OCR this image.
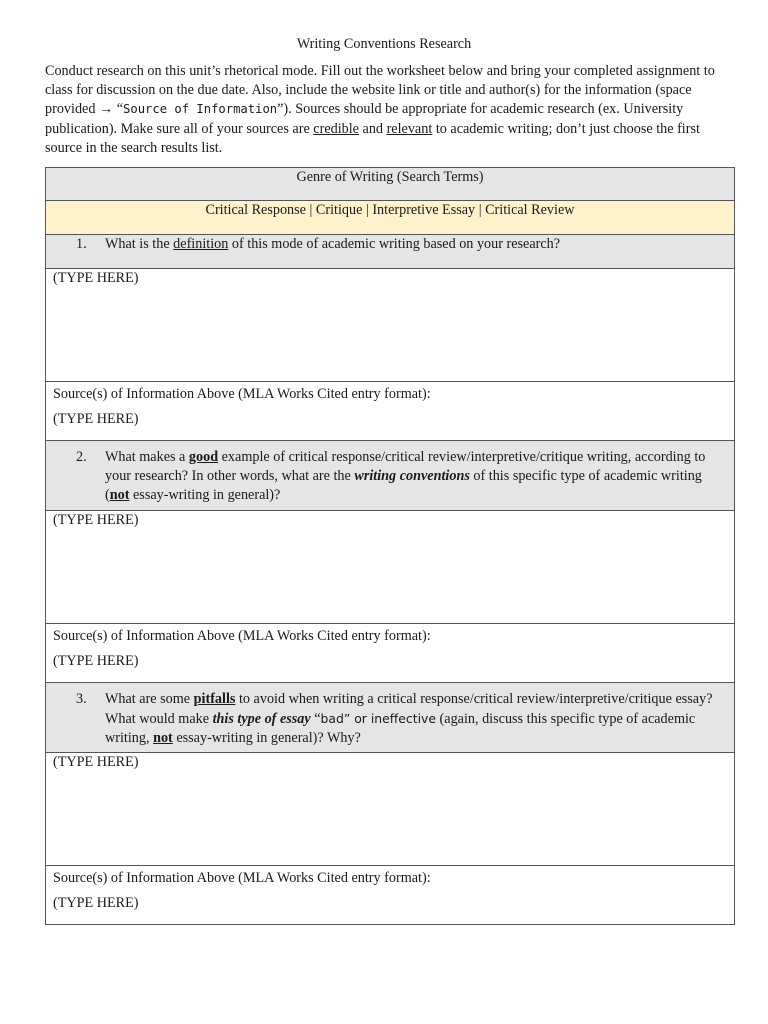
Writing Conventions Research
Conduct research on this unit’s rhetorical mode. Fill out the worksheet below and bring your completed assignment to class for discussion on the due date. Also, include the website link or title and author(s) for the information (space provided → “Source of Information”). Sources should be appropriate for academic research (ex. University publication). Make sure all of your sources are credible and relevant to academic writing; don’t just choose the first source in the search results list.
Genre of Writing (Search Terms)
Critical Response | Critique | Interpretive Essay | Critical Review

1.	What is the definition of this mode of academic writing based on your research?

(TYPE HERE)

Source(s) of Information Above (MLA Works Cited entry format):
(TYPE HERE)

2.	What makes a good example of critical response/critical review/interpretive/critique writing, according to your research? In other words, what are the writing conventions of this specific type of academic writing (not essay-writing in general)?

(TYPE HERE)

Source(s) of Information Above (MLA Works Cited entry format):
(TYPE HERE)

3.	What are some pitfalls to avoid when writing a critical response/critical review/interpretive/critique essay? What would make this type of essay “bad” or ineffective (again, discuss this specific type of academic writing, not essay-writing in general)? Why?

(TYPE HERE)

Source(s) of Information Above (MLA Works Cited entry format):
(TYPE HERE)
